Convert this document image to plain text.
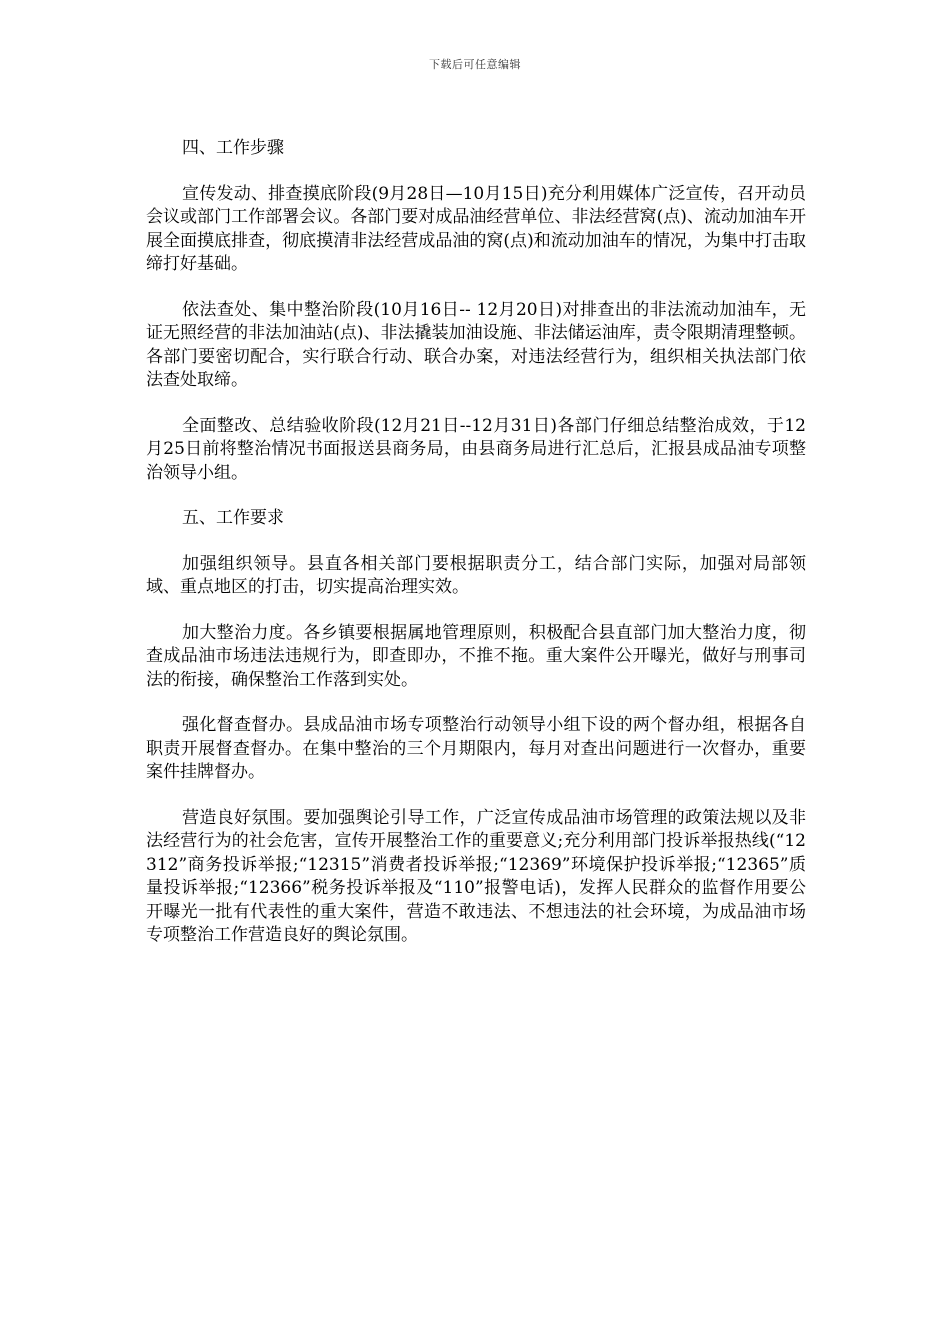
下载后可任意编辑

四、工作步骤

宣传发动、排查摸底阶段(9月28日—10月15日)充分利用媒体广泛宣传，召开动员会议或部门工作部署会议。各部门要对成品油经营单位、非法经营窝(点)、流动加油车开展全面摸底排查，彻底摸清非法经营成品油的窝(点)和流动加油车的情况，为集中打击取缔打好基础。

依法查处、集中整治阶段(10月16日-- 12月20日)对排查出的非法流动加油车，无证无照经营的非法加油站(点)、非法撬装加油设施、非法储运油库，责令限期清理整顿。各部门要密切配合，实行联合行动、联合办案，对违法经营行为，组织相关执法部门依法查处取缔。

全面整改、总结验收阶段(12月21日--12月31日)各部门仔细总结整治成效，于12月25日前将整治情况书面报送县商务局，由县商务局进行汇总后，汇报县成品油专项整治领导小组。

五、工作要求

加强组织领导。县直各相关部门要根据职责分工，结合部门实际，加强对局部领域、重点地区的打击，切实提高治理实效。

加大整治力度。各乡镇要根据属地管理原则，积极配合县直部门加大整治力度，彻查成品油市场违法违规行为，即查即办，不推不拖。重大案件公开曝光，做好与刑事司法的衔接，确保整治工作落到实处。

强化督查督办。县成品油市场专项整治行动领导小组下设的两个督办组，根据各自职责开展督查督办。在集中整治的三个月期限内，每月对查出问题进行一次督办，重要案件挂牌督办。

营造良好氛围。要加强舆论引导工作，广泛宣传成品油市场管理的政策法规以及非法经营行为的社会危害，宣传开展整治工作的重要意义;充分利用部门投诉举报热线(“12312”商务投诉举报;“12315”消费者投诉举报;“12369”环境保护投诉举报;“12365”质量投诉举报;“12366”税务投诉举报及“110”报警电话)，发挥人民群众的监督作用要公开曝光一批有代表性的重大案件，营造不敢违法、不想违法的社会环境，为成品油市场专项整治工作营造良好的舆论氛围。
